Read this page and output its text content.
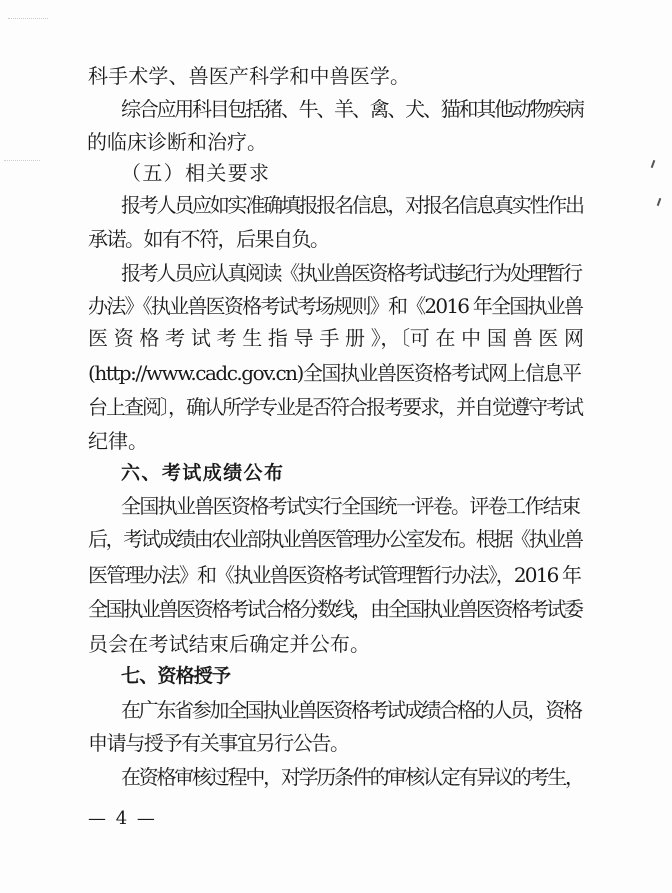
科手术学、兽医产科学和中兽医学。
综合应用科目包括猪、牛、羊、禽、犬、猫和其他动物疾病
的临床诊断和治疗。
（五）相关要求
报考人员应如实准确填报报名信息，对报名信息真实性作出
承诺。如有不符，后果自负。
报考人员应认真阅读《执业兽医资格考试违纪行为处理暂行
办法》《执业兽医资格考试考场规则》和《2016 年全国执业兽
医 资 格 考 试 考 生 指 导 手 册 》，〔可 在 中 国 兽 医 网
(http://www.cadc.gov.cn)全国执业兽医资格考试网上信息平
台上查阅〕，确认所学专业是否符合报考要求，并自觉遵守考试
纪律。
六、考试成绩公布
全国执业兽医资格考试实行全国统一评卷。评卷工作结束
后，考试成绩由农业部执业兽医管理办公室发布。根据《执业兽
医管理办法》和《执业兽医资格考试管理暂行办法》，2016 年
全国执业兽医资格考试合格分数线，由全国执业兽医资格考试委
员会在考试结束后确定并公布。
七、资格授予
在广东省参加全国执业兽医资格考试成绩合格的人员，资格
申请与授予有关事宜另行公告。
在资格审核过程中，对学历条件的审核认定有异议的考生，
— 4 —
